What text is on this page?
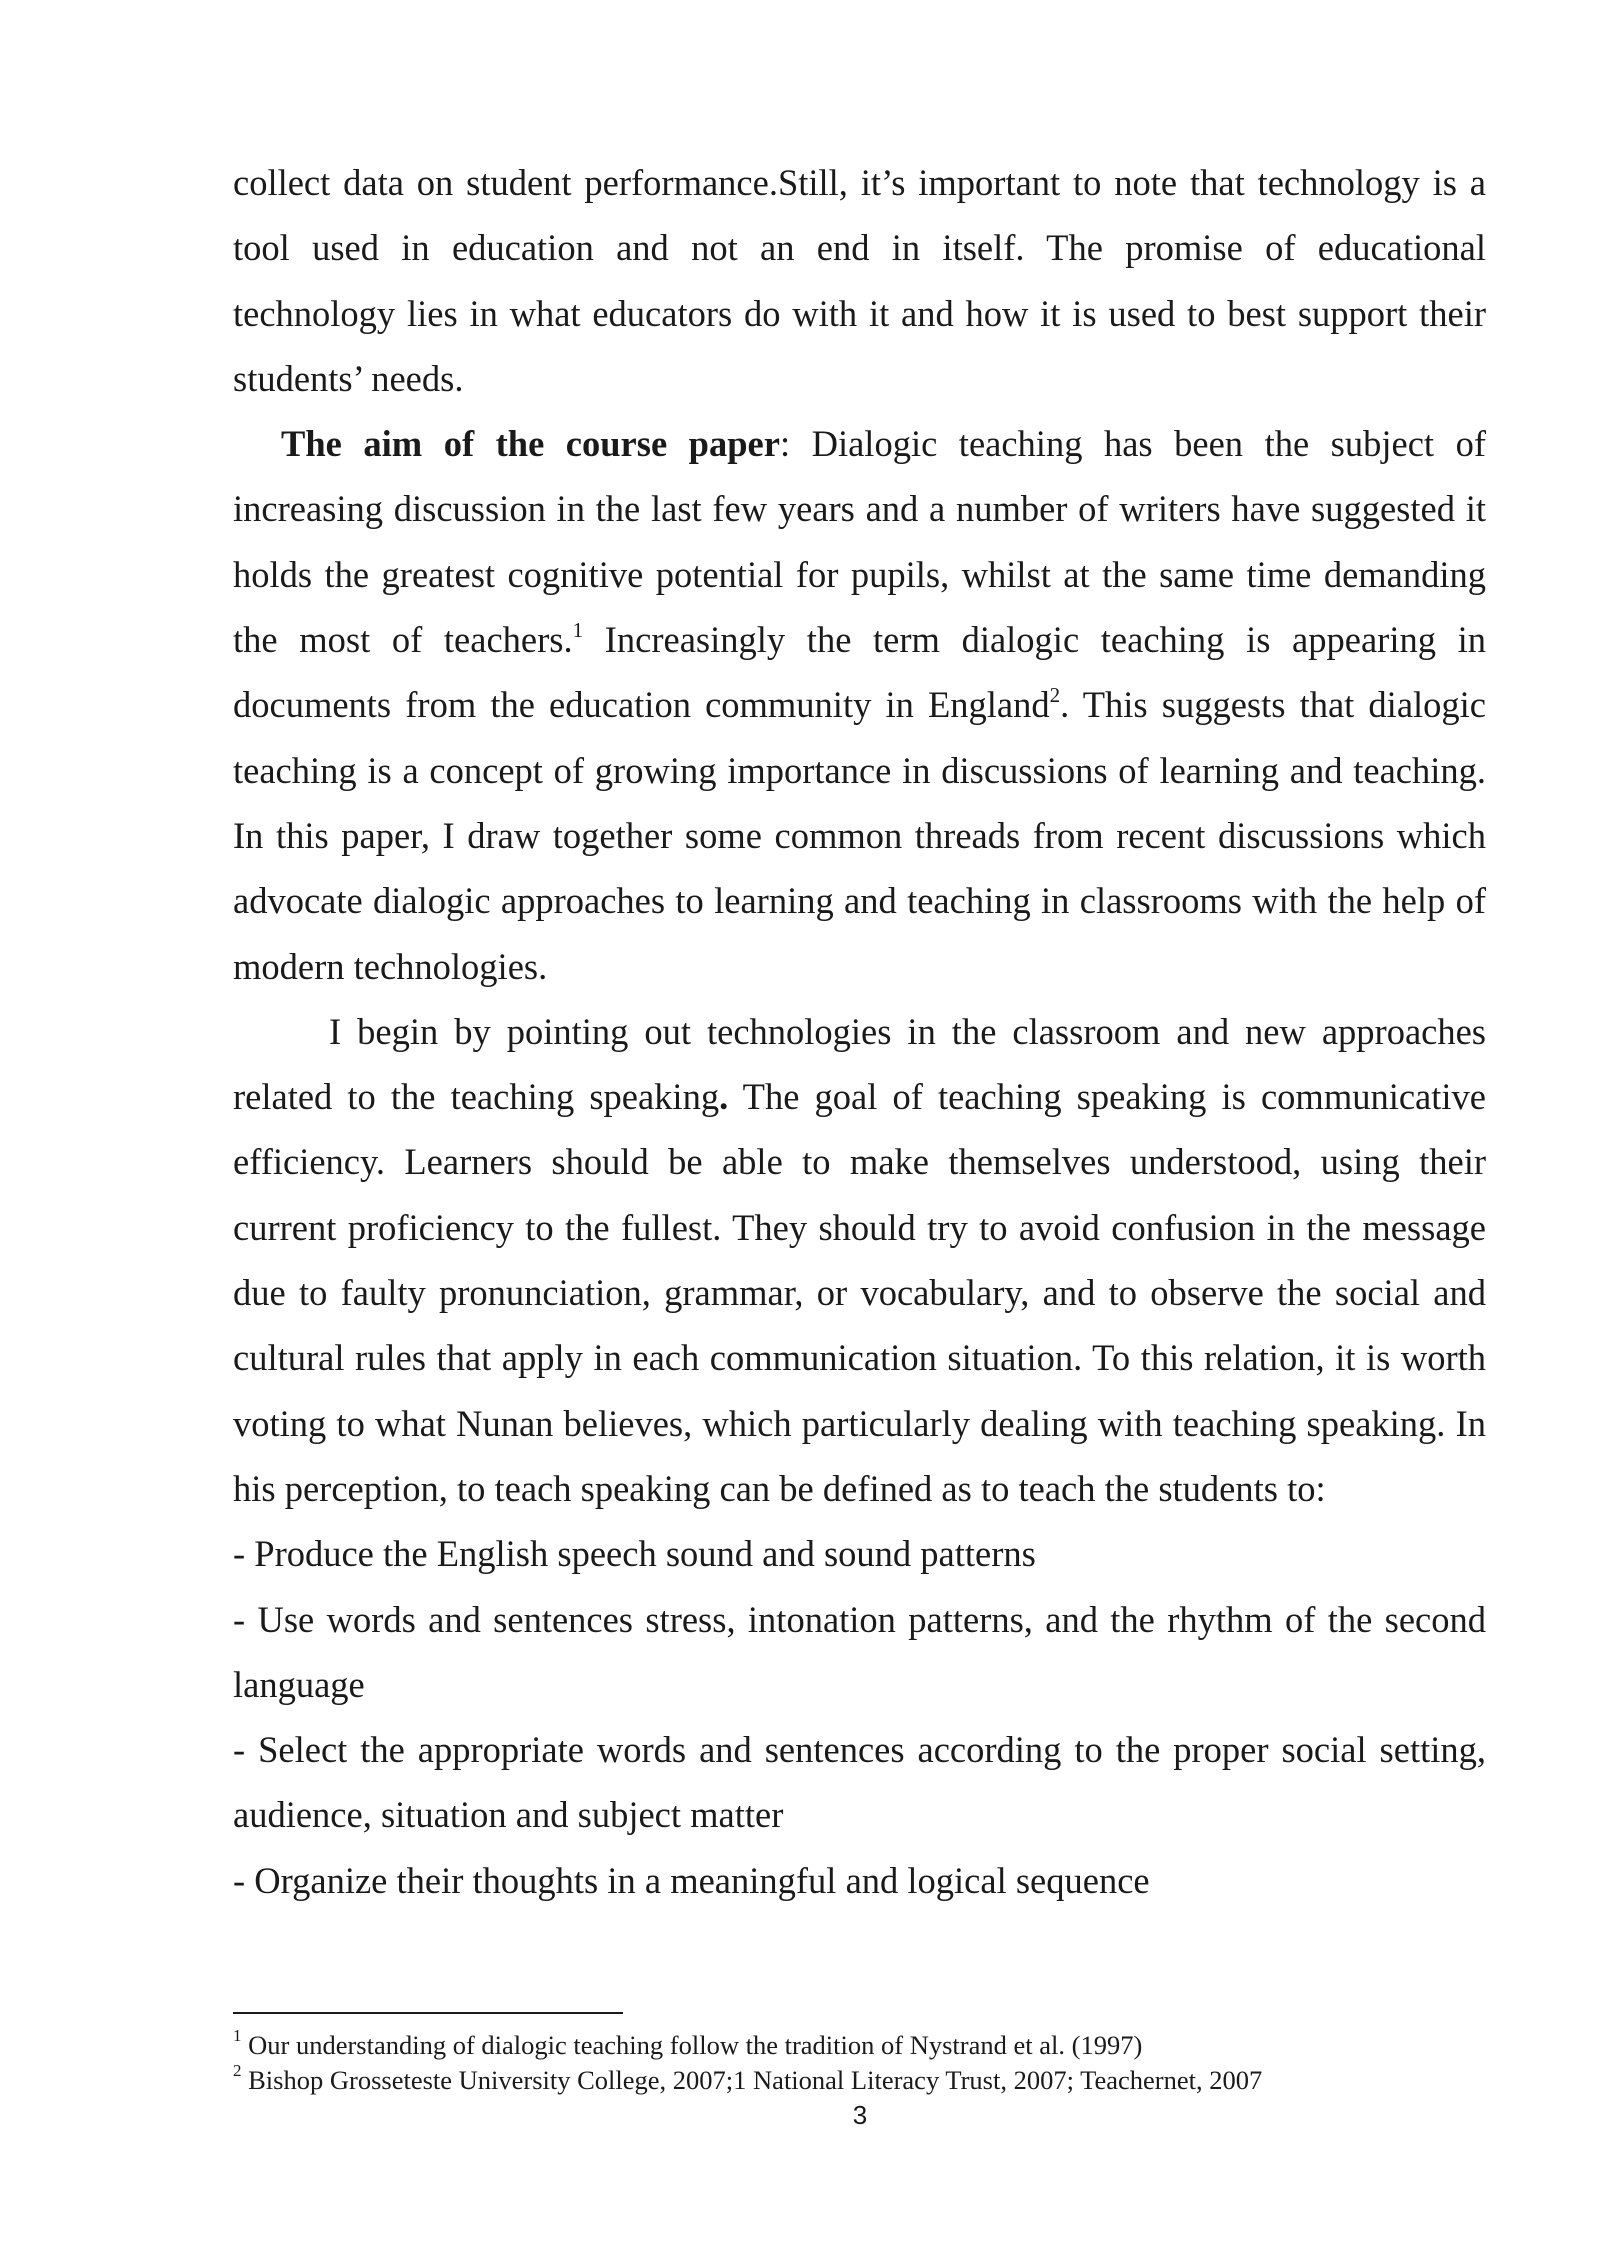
collect data on student performance.Still, it’s important to note that technology is a tool used in education and not an end in itself. The promise of educational technology lies in what educators do with it and how it is used to best support their students’ needs.

The aim of the course paper: Dialogic teaching has been the subject of increasing discussion in the last few years and a number of writers have suggested it holds the greatest cognitive potential for pupils, whilst at the same time demanding the most of teachers.$^1$ Increasingly the term dialogic teaching is appearing in documents from the education community in England$^2$. This suggests that dialogic teaching is a concept of growing importance in discussions of learning and teaching. In this paper, I draw together some common threads from recent discussions which advocate dialogic approaches to learning and teaching in classrooms with the help of modern technologies.

I begin by pointing out technologies in the classroom and new approaches related to the teaching speaking. The goal of teaching speaking is communicative efficiency. Learners should be able to make themselves understood, using their current proficiency to the fullest. They should try to avoid confusion in the message due to faulty pronunciation, grammar, or vocabulary, and to observe the social and cultural rules that apply in each communication situation. To this relation, it is worth voting to what Nunan believes, which particularly dealing with teaching speaking. In his perception, to teach speaking can be defined as to teach the students to:

- Produce the English speech sound and sound patterns

- Use words and sentences stress, intonation patterns, and the rhythm of the second language

- Select the appropriate words and sentences according to the proper social setting, audience, situation and subject matter

- Organize their thoughts in a meaningful and logical sequence

$^1$ Our understanding of dialogic teaching follow the tradition of Nystrand et al. (1997)

$^2$ Bishop Grosseteste University College, 2007;1 National Literacy Trust, 2007; Teachernet, 2007

3
